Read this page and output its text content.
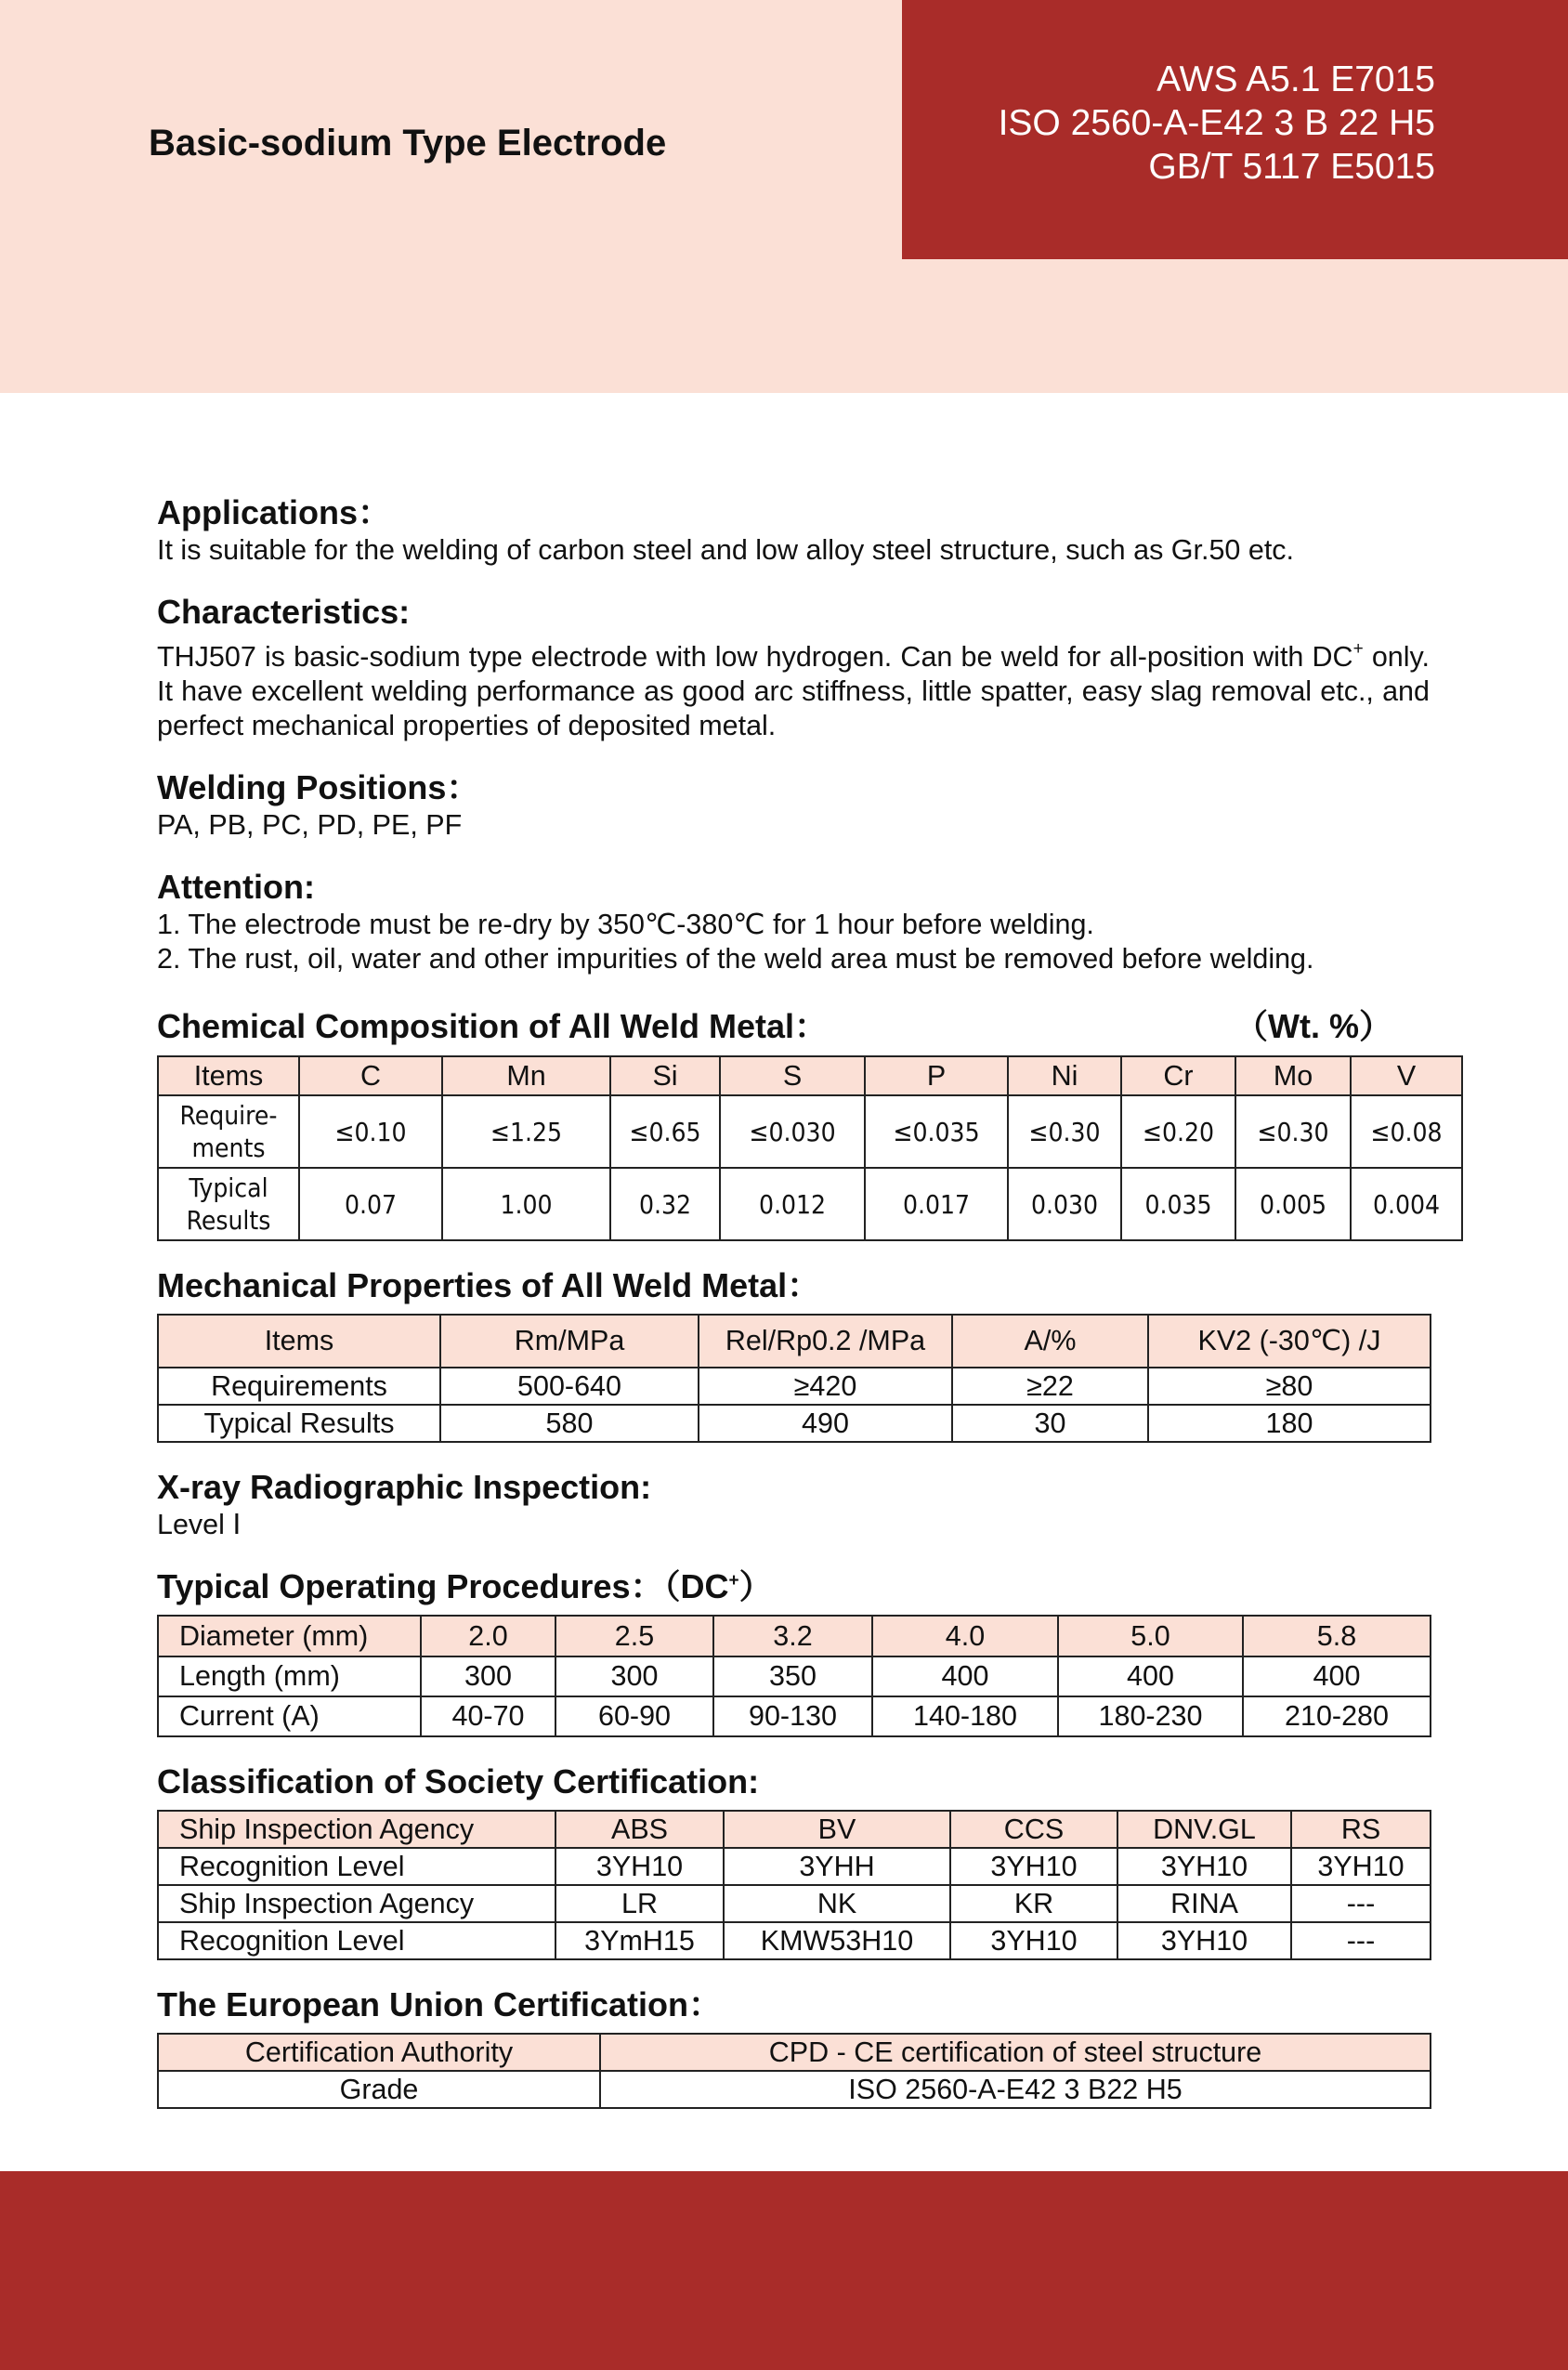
Basic-sodium Type Electrode
AWS A5.1 E7015
ISO 2560-A-E42 3 B 22 H5
GB/T 5117 E5015
Applications：

It is suitable for the welding of carbon steel and low alloy steel structure, such as Gr.50 etc.

Characteristics:

THJ507 is basic-sodium type electrode with low hydrogen. Can be weld for all-position with DC+ only. It have excellent welding performance as good arc stiffness, little spatter, easy slag removal etc., and perfect mechanical properties of deposited metal.

Welding Positions：

PA, PB, PC, PD, PE, PF

Attention:
1. The electrode must be re-dry by 350℃-380℃ for 1 hour before welding.
2. The rust, oil, water and other impurities of the weld area must be removed before welding.
Chemical Composition of All Weld Metal：	（Wt. %）
Items	C	Mn	Si	S	P	Ni	Cr	Mo	V
Require-ments	≤0.10	≤1.25	≤0.65	≤0.030	≤0.035	≤0.30	≤0.20	≤0.30	≤0.08
Typical Results	0.07	1.00	0.32	0.012	0.017	0.030	0.035	0.005	0.004
Mechanical Properties of All Weld Metal：
Items	Rm/MPa	Rel/Rp0.2 /MPa	A/%	KV2 (-30℃) /J
Requirements	500-640	≥420	≥22	≥80
Typical Results	580	490	30	180
X-ray Radiographic Inspection:

Level Ⅰ

Typical Operating Procedures：（DC+）
Diameter (mm)	2.0	2.5	3.2	4.0	5.0	5.8
Length (mm)	300	300	350	400	400	400
Current (A)	40-70	60-90	90-130	140-180	180-230	210-280
Classification of Society Certification:
Ship Inspection Agency	ABS	BV	CCS	DNV.GL	RS
Recognition Level	3YH10	3YHH	3YH10	3YH10	3YH10
Ship Inspection Agency	LR	NK	KR	RINA	---
Recognition Level	3YmH15	KMW53H10	3YH10	3YH10	---
The European Union Certification：
Certification Authority	CPD - CE certification of steel structure
Grade	ISO 2560-A-E42 3 B22 H5
